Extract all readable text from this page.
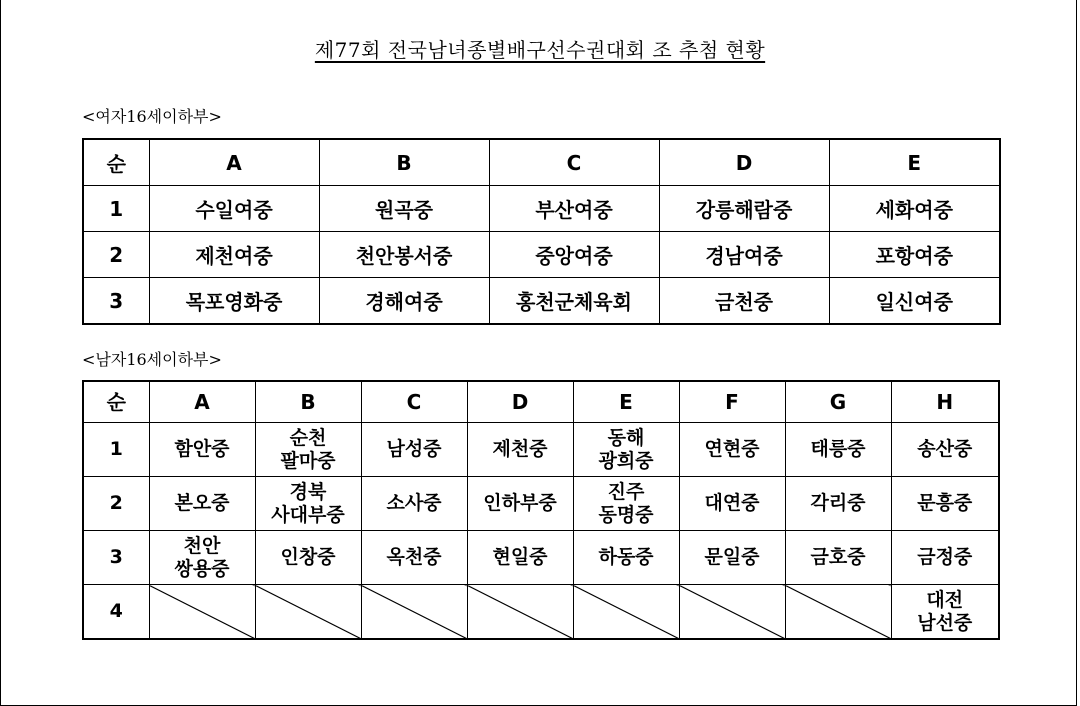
제77회 전국남녀종별배구선수권대회 조 추첨 현황
<여자16세이하부>
순	A	B	C	D	E
1	수일여중	원곡중	부산여중	강릉해람중	세화여중
2	제천여중	천안봉서중	중앙여중	경남여중	포항여중
3	목포영화중	경해여중	홍천군체육회	금천중	일신여중
<남자16세이하부>
순	A	B	C	D	E	F	G	H
1	함안중	순천
팔마중	남성중	제천중	동해
광희중	연현중	태릉중	송산중

2	본오중	경북
사대부중	소사중	인하부중	진주
동명중	대연중	각리중	문흥중

3	천안
쌍용중	인창중	옥천중	현일중	하동중	문일중	금호중	금정중

4								대전
남선중
